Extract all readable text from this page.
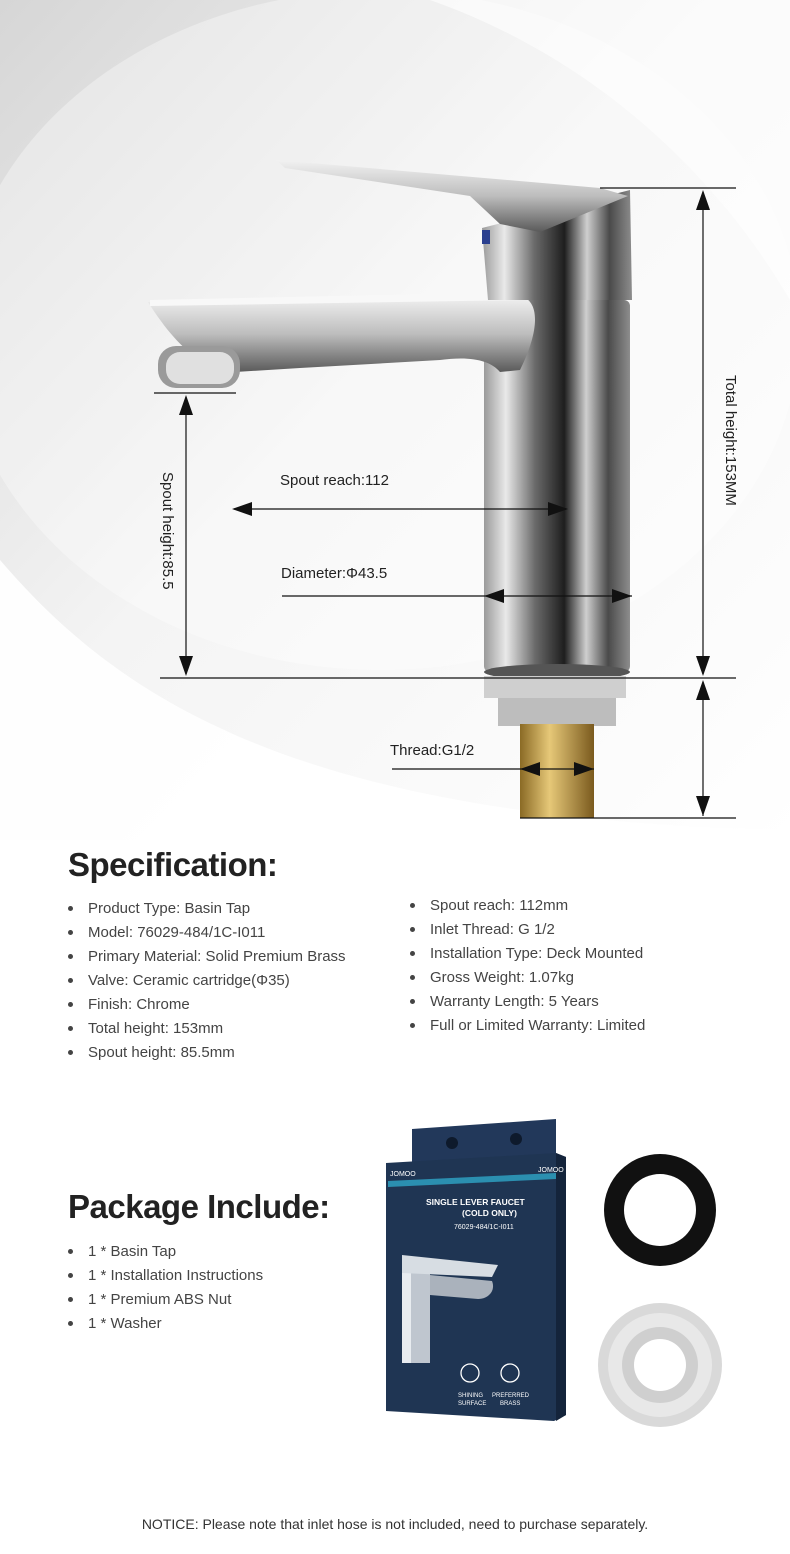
Spout reach:112
Diameter:Φ43.5
Thread:G1/2
Total height:153MM
Spout height:85.5
Specification:
Product Type: Basin Tap
Model: 76029-484/1C-I011
Primary Material: Solid Premium Brass
Valve: Ceramic cartridge(Φ35)
Finish: Chrome
Total height: 153mm
Spout height: 85.5mm
Spout reach: 112mm
Inlet Thread: G 1/2
Installation Type: Deck Mounted
Gross Weight: 1.07kg
Warranty Length: 5 Years
Full or Limited Warranty: Limited
Package Include:
1 * Basin Tap
1 * Installation Instructions
1 * Premium ABS Nut
1 * Washer
JOMOO
JOMOO
SINGLE LEVER FAUCET
(COLD ONLY)
76029-484/1C-I011
SHINING
SURFACE
PREFERRED
BRASS
NOTICE: Please note that inlet hose is not included, need to purchase separately.
